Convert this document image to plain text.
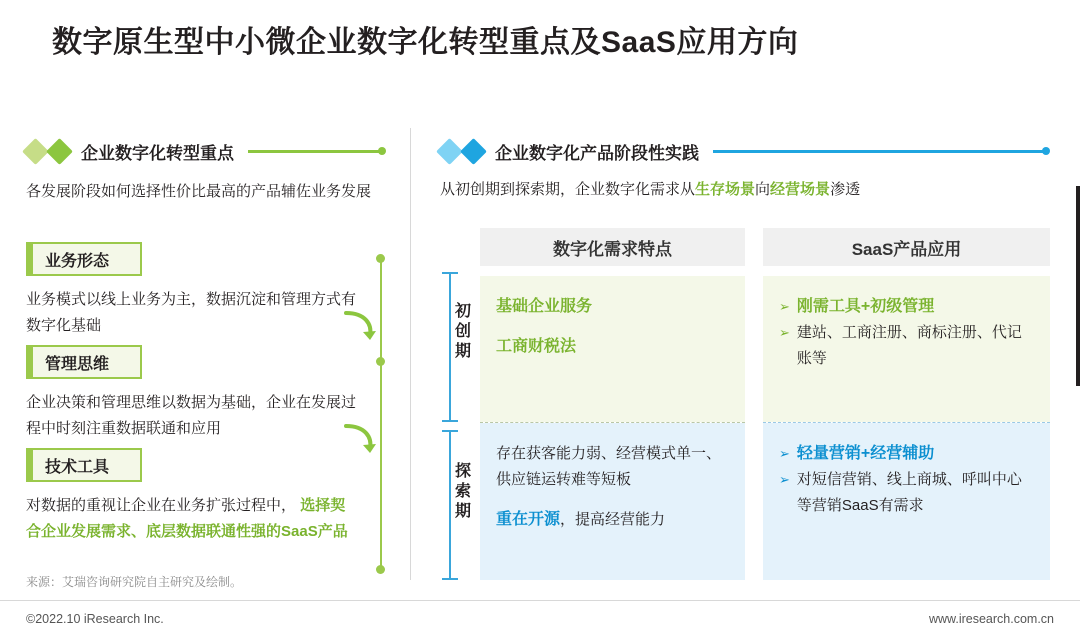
数字原生型中小微企业数字化转型重点及SaaS应用方向
企业数字化转型重点
各发展阶段如何选择性价比最高的产品辅佐业务发展
业务形态
业务模式以线上业务为主，数据沉淀和管理方式有数字化基础
管理思维
企业决策和管理思维以数据为基础，企业在发展过程中时刻注重数据联通和应用
技术工具
对数据的重视让企业在业务扩张过程中， 选择契合企业发展需求、底层数据联通性强的SaaS产品
来源：艾瑞咨询研究院自主研究及绘制。
企业数字化产品阶段性实践
从初创期到探索期，企业数字化需求从生存场景向经营场景渗透
数字化需求特点	SaaS产品应用
基础企业服务
工商财税法
➢ 刚需工具+初级管理
➢ 建站、工商注册、商标注册、代记账等
存在获客能力弱、经营模式单一、供应链运转难等短板
重在开源，提高经营能力
➢ 轻量营销+经营辅助
➢ 对短信营销、线上商城、呼叫中心等营销SaaS有需求
初创期
探索期
©2022.10 iResearch Inc.	www.iresearch.com.cn
